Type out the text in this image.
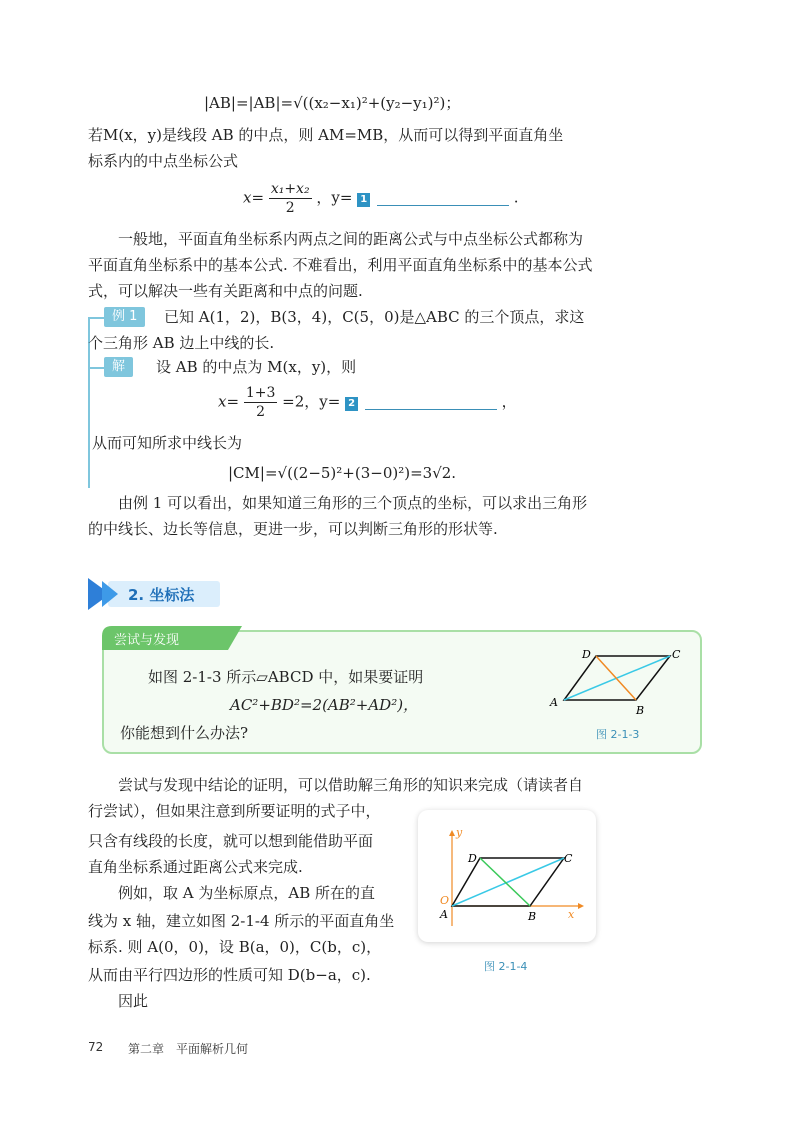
|AB|=|AB|=√((x₂−x₁)²+(y₂−y₁)²)；
若M(x，y)是线段 AB 的中点，则 AM=MB，从而可以得到平面直角坐
标系内的中点坐标公式
$x= \frac{\text{x₁+x₂}}{2}$ ，y= 1	.
一般地，平面直角坐标系内两点之间的距离公式与中点坐标公式都称为
平面直角坐标系中的基本公式. 不难看出，利用平面直角坐标系中的基本公式
式，可以解决一些有关距离和中点的问题.
例 1	已知 A(1，2)，B(3，4)，C(5，0)是△ABC 的三个顶点，求这
个三角形 AB 边上中线的长.
解	设 AB 的中点为 M(x，y)，则
$x= \frac{1+3}{2} =2$，y= 2	，
从而可知所求中线长为
|CM|=√((2−5)²+(3−0)²)=3√2.
由例 1 可以看出，如果知道三角形的三个顶点的坐标，可以求出三角形
的中线长、边长等信息，更进一步，可以判断三角形的形状等.
2. 坐标法
尝试与发现
如图 2-1-3 所示▱ABCD 中，如果要证明
AC²+BD²=2(AB²+AD²)，
你能想到什么办法?
A
B
C
D
图 2-1-3
尝试与发现中结论的证明，可以借助解三角形的知识来完成（请读者自
行尝试），但如果注意到所要证明的式子中，
只含有线段的长度，就可以想到能借助平面
直角坐标系通过距离公式来完成.
例如，取 A 为坐标原点，AB 所在的直
线为 x 轴，建立如图 2-1-4 所示的平面直角坐
标系. 则 A(0，0)，设 B(a，0)，C(b，c)，
从而由平行四边形的性质可知 D(b−a，c).
因此
O
A	B
C
D
x
y
图 2-1-4
72 第二章 平面解析几何
